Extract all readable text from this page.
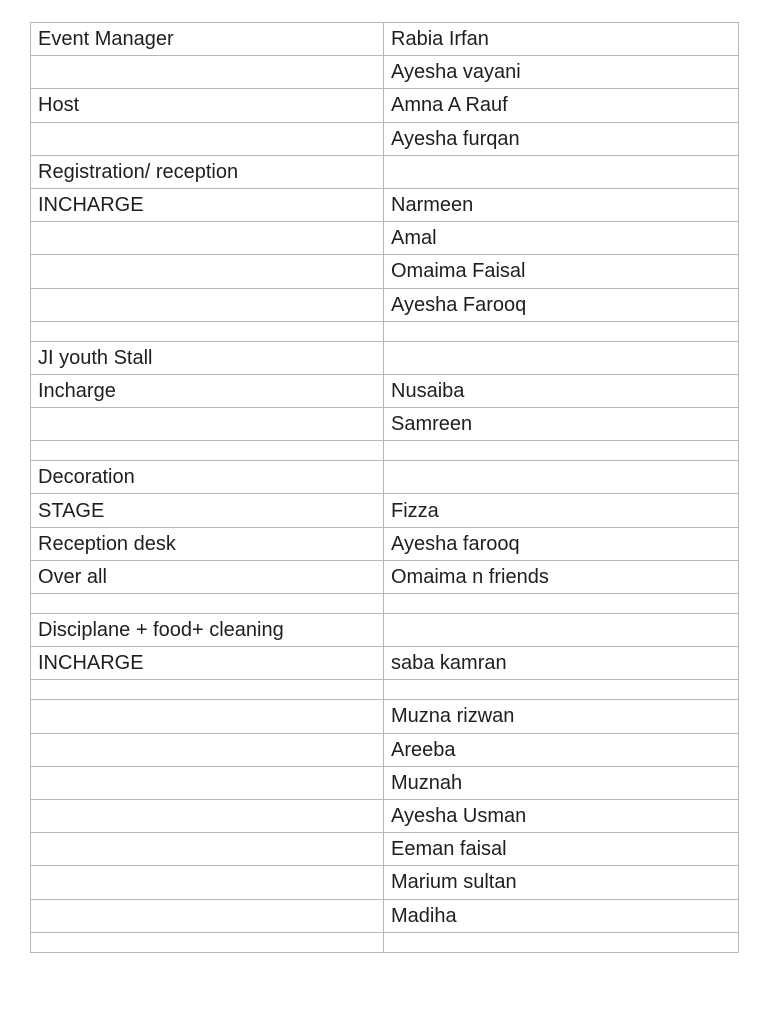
Event Manager	Rabia Irfan
	Ayesha vayani
Host	Amna A Rauf
	Ayesha furqan
Registration/ reception	
INCHARGE	Narmeen
	Amal
	Omaima Faisal
	Ayesha Farooq

JI youth Stall	
Incharge	Nusaiba
	Samreen

Decoration	
STAGE	Fizza
Reception desk	Ayesha farooq
Over all	Omaima n friends

Disciplane + food+ cleaning	
INCHARGE	saba kamran

	Muzna rizwan
	Areeba
	Muznah
	Ayesha Usman
	Eeman faisal
	Marium sultan
	Madiha
